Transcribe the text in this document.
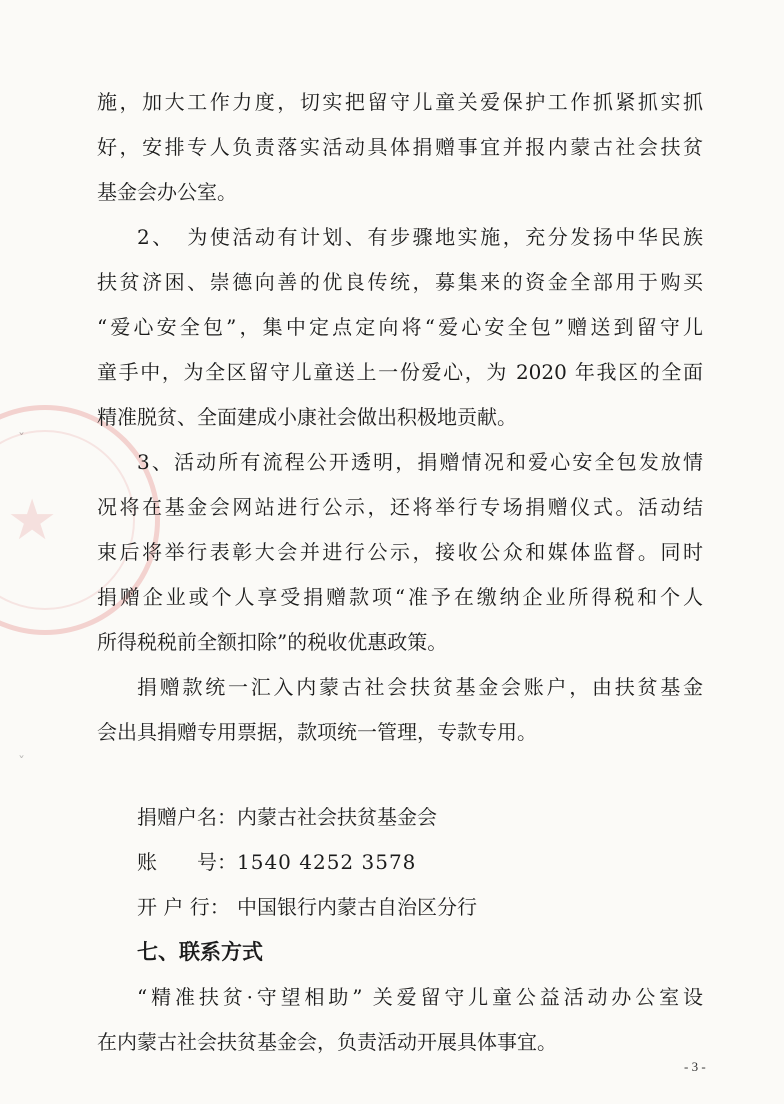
★
ˇ
ˇ
施，加大工作力度，切实把留守儿童关爱保护工作抓紧抓实抓
好，安排专人负责落实活动具体捐赠事宜并报内蒙古社会扶贫
基金会办公室。
2、　为使活动有计划、有步骤地实施，充分发扬中华民族
扶贫济困、崇德向善的优良传统，募集来的资金全部用于购买
“爱心安全包”，集中定点定向将“爱心安全包”赠送到留守儿
童手中，为全区留守儿童送上一份爱心，为 2020 年我区的全面
精准脱贫、全面建成小康社会做出积极地贡献。
3、活动所有流程公开透明，捐赠情况和爱心安全包发放情
况将在基金会网站进行公示，还将举行专场捐赠仪式。活动结
束后将举行表彰大会并进行公示，接收公众和媒体监督。同时
捐赠企业或个人享受捐赠款项“准予在缴纳企业所得税和个人
所得税税前全额扣除”的税收优惠政策。
捐赠款统一汇入内蒙古社会扶贫基金会账户，由扶贫基金
会出具捐赠专用票据，款项统一管理，专款专用。
捐赠户名： 内蒙古社会扶贫基金会
账　　号： 1540 4252 3578
开 户 行： 中国银行内蒙古自治区分行
七、联系方式
“精准扶贫·守望相助” 关爱留守儿童公益活动办公室设
在内蒙古社会扶贫基金会，负责活动开展具体事宜。
- 3 -
